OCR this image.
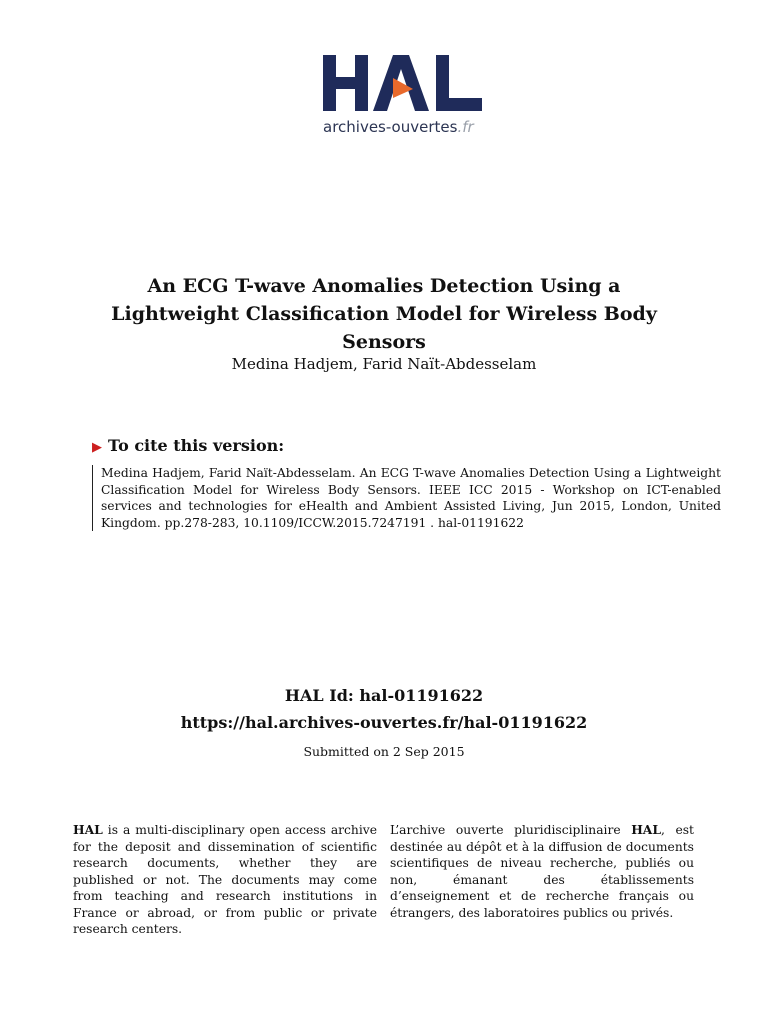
archives-ouvertes.fr
An ECG T-wave Anomalies Detection Using a Lightweight Classification Model for Wireless Body Sensors

Medina Hadjem, Farid Naït-Abdesselam

▶ To cite this version:
Medina Hadjem, Farid Naït-Abdesselam. An ECG T-wave Anomalies Detection Using a Lightweight Classification Model for Wireless Body Sensors. IEEE ICC 2015 - Workshop on ICT-enabled services and technologies for eHealth and Ambient Assisted Living, Jun 2015, London, United Kingdom. pp.278-283, 10.1109/ICCW.2015.7247191 . hal-01191622

HAL Id: hal-01191622

https://hal.archives-ouvertes.fr/hal-01191622

Submitted on 2 Sep 2015

HAL is a multi-disciplinary open access archive for the deposit and dissemination of scientific research documents, whether they are published or not. The documents may come from teaching and research institutions in France or abroad, or from public or private research centers.
L’archive ouverte pluridisciplinaire HAL, est destinée au dépôt et à la diffusion de documents scientifiques de niveau recherche, publiés ou non, émanant des établissements d’enseignement et de recherche français ou étrangers, des laboratoires publics ou privés.
